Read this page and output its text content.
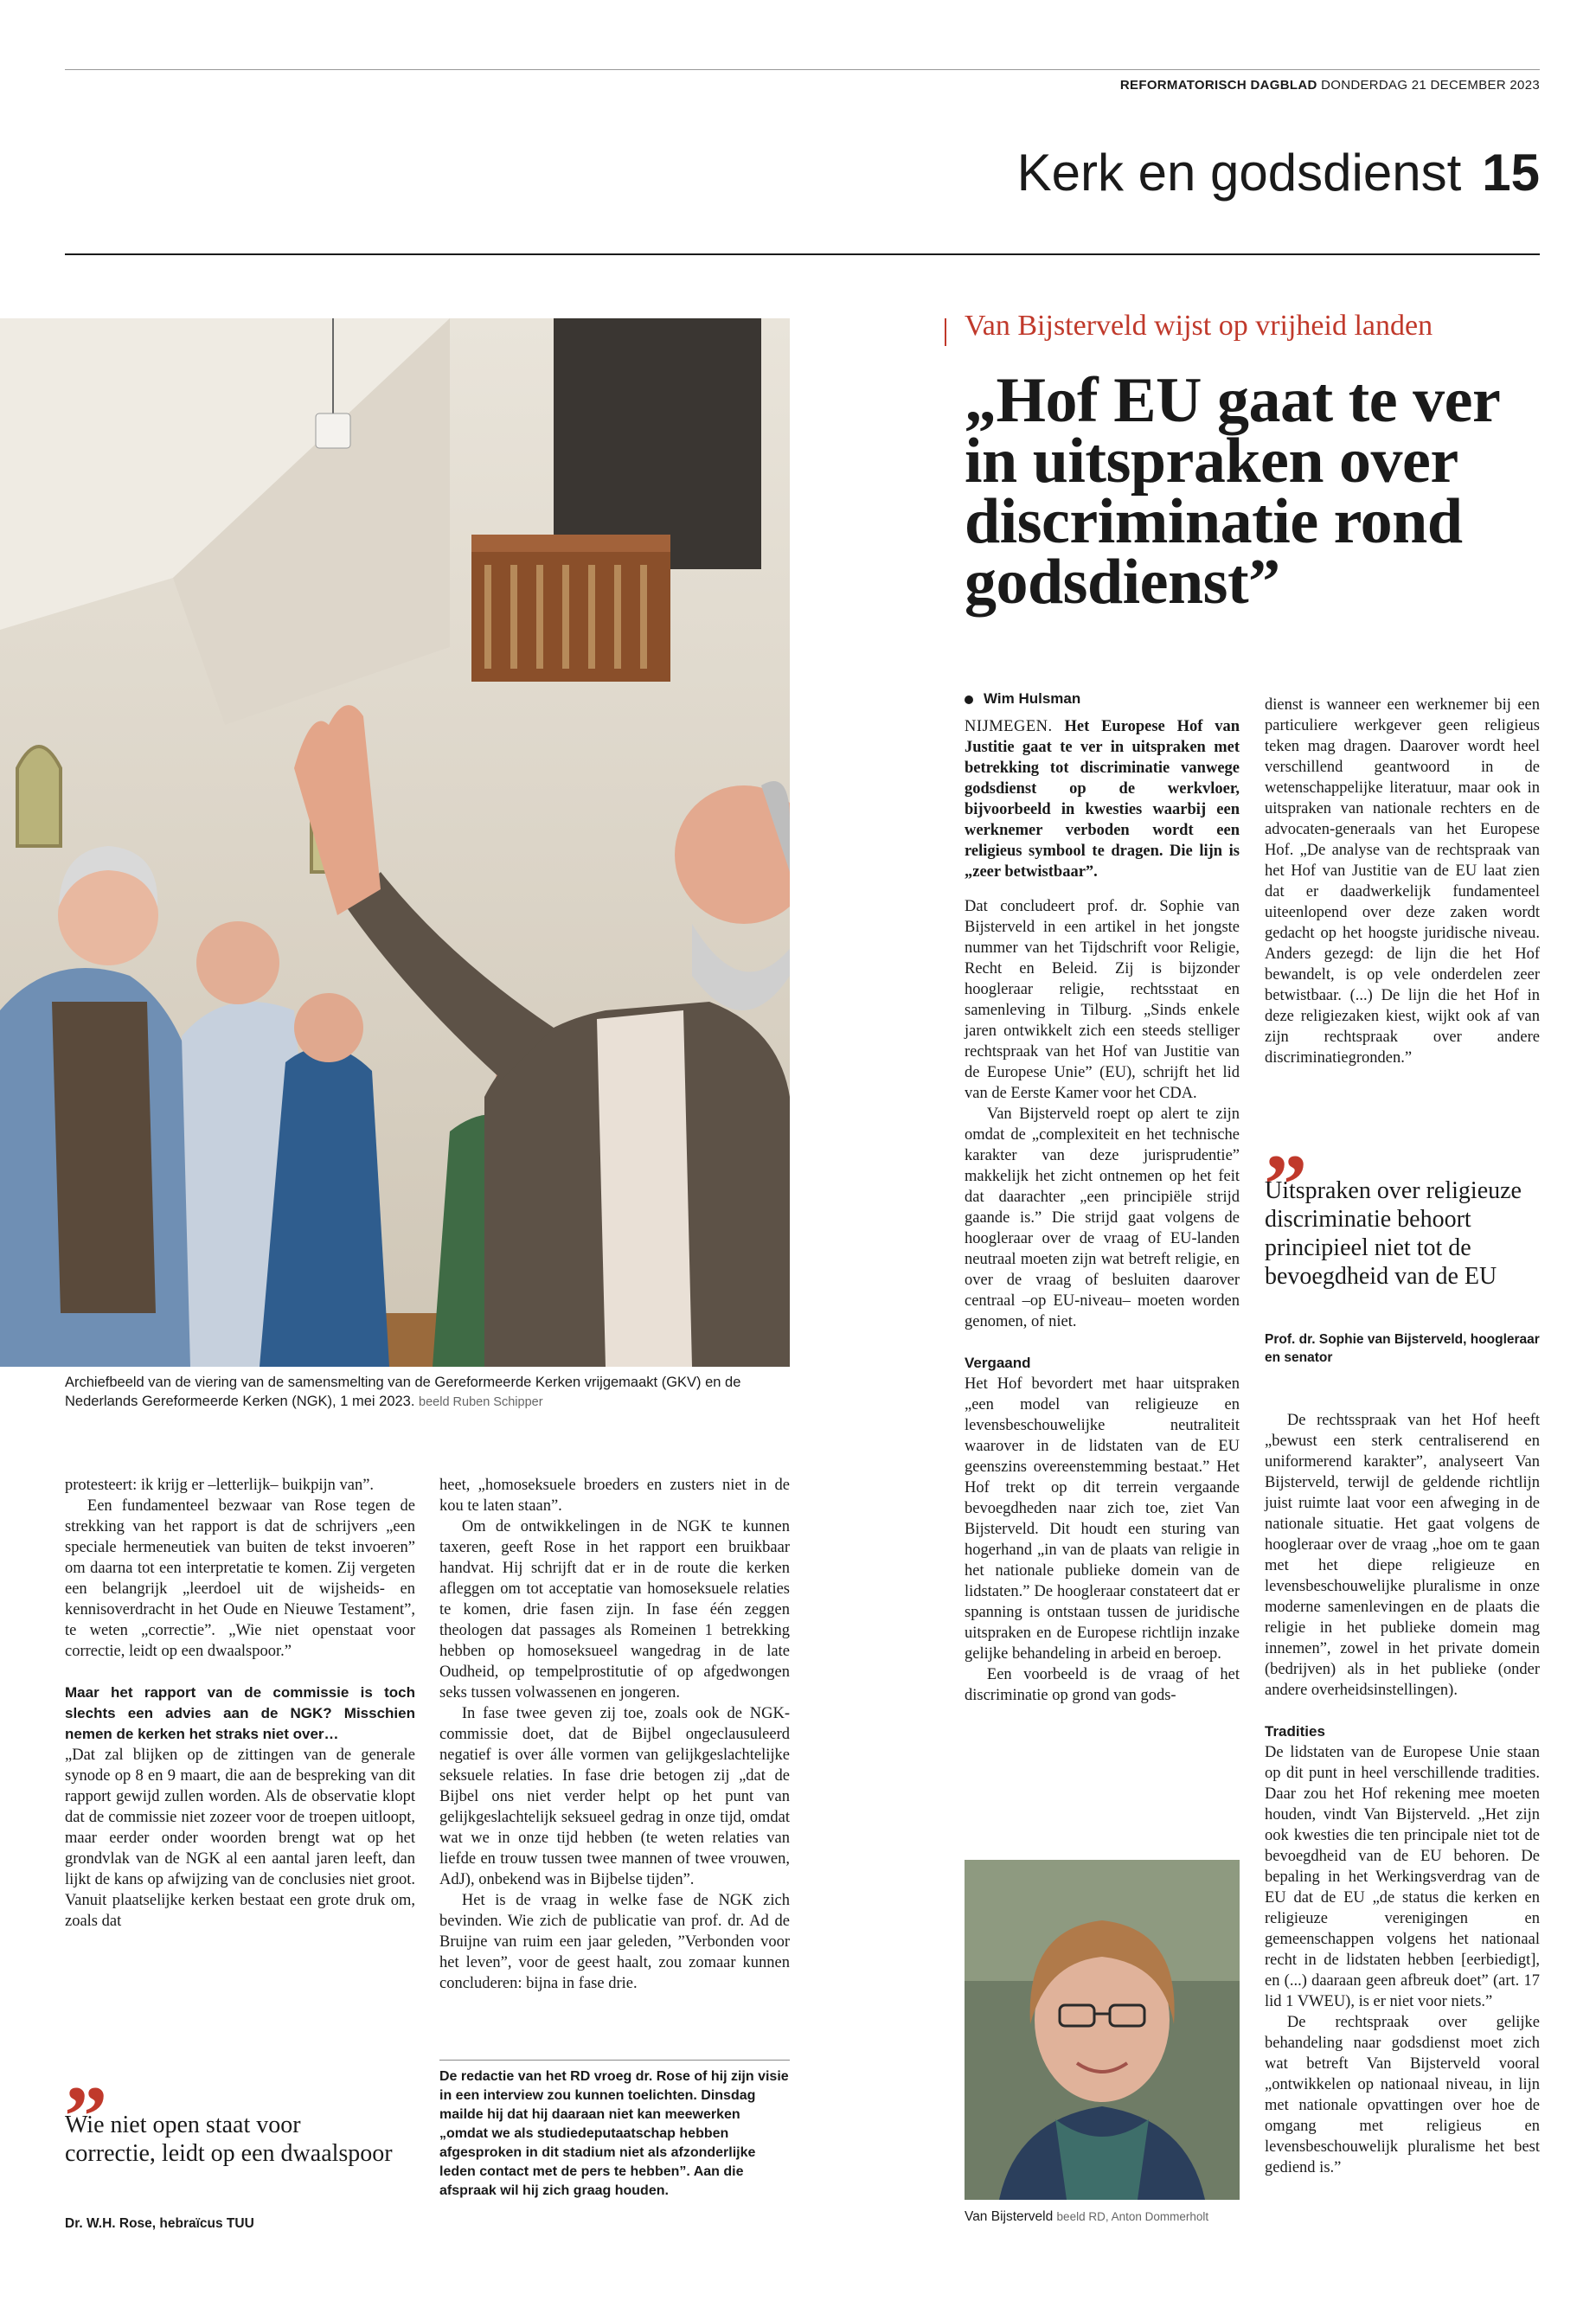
REFORMATORISCH DAGBLAD DONDERDAG 21 DECEMBER 2023
Kerk en godsdienst 15
Archiefbeeld van de viering van de samensmelting van de Gereformeerde Kerken vrijgemaakt (GKV) en de Nederlands Gereformeerde Kerken (NGK), 1 mei 2023. beeld Ruben Schipper

protesteert: ik krijg er –letterlijk– buikpijn van”.

Een fundamenteel bezwaar van Rose tegen de strekking van het rapport is dat de schrijvers „een speciale hermeneutiek van buiten de tekst invoeren” om daarna tot een interpretatie te komen. Zij vergeten een belangrijk „leerdoel uit de wijsheids- en kennisoverdracht in het Oude en Nieuwe Testament”, te weten „correctie”. „Wie niet openstaat voor correctie, leidt op een dwaalspoor.”

Maar het rapport van de commissie is toch slechts een advies aan de NGK? Misschien nemen de kerken het straks niet over…

„Dat zal blijken op de zittingen van de generale synode op 8 en 9 maart, die aan de bespreking van dit rapport gewijd zullen worden. Als de observatie klopt dat de commissie niet zozeer voor de troepen uitloopt, maar eerder onder woorden brengt wat op het grondvlak van de NGK al een aantal jaren leeft, dan lijkt de kans op afwijzing van de conclusies niet groot. Vanuit plaatselijke kerken bestaat een grote druk om, zoals dat

heet, „homoseksuele broeders en zusters niet in de kou te laten staan”.

Om de ontwikkelingen in de NGK te kunnen taxeren, geeft Rose in het rapport een bruikbaar handvat. Hij schrijft dat er in de route die kerken afleggen om tot acceptatie van homoseksuele relaties te komen, drie fasen zijn. In fase één zeggen theologen dat passages als Romeinen 1 betrekking hebben op homoseksueel wangedrag in de late Oudheid, op tempelprostitutie of op afgedwongen seks tussen volwassenen en jongeren.

In fase twee geven zij toe, zoals ook de NGK-commissie doet, dat de Bijbel ongeclausuleerd negatief is over álle vormen van gelijkgeslachtelijke seksuele relaties. In fase drie betogen zij „dat de Bijbel ons niet verder helpt op het punt van gelijkgeslachtelijk seksueel gedrag in onze tijd, omdat wat we in onze tijd hebben (te weten relaties van liefde en trouw tussen twee mannen of twee vrouwen, AdJ), onbekend was in Bijbelse tijden”.

Het is de vraag in welke fase de NGK zich bevinden. Wie zich de publicatie van prof. dr. Ad de Bruijne van ruim een jaar geleden, ”Verbonden voor het leven”, voor de geest haalt, zou zomaar kunnen concluderen: bijna in fase drie.

„
Wie niet open staat voor correctie, leidt op een dwaalspoor
Dr. W.H. Rose, hebraïcus TUU
De redactie van het RD vroeg dr. Rose of hij zijn visie in een interview zou kunnen toelichten. Dinsdag mailde hij dat hij daaraan niet kan meewerken „omdat we als studiedeputaatschap hebben afgesproken in dit stadium niet als afzonderlijke leden contact met de pers te hebben”. Aan die afspraak wil hij zich graag houden.
Van Bijsterveld wijst op vrijheid landen
„Hof EU gaat te ver in uitspraken over discriminatie rond godsdienst”
Wim Hulsman

NIJMEGEN. Het Europese Hof van Justitie gaat te ver in uitspraken met betrekking tot discriminatie vanwege godsdienst op de werkvloer, bijvoorbeeld in kwesties waarbij een werknemer verboden wordt een religieus symbool te dragen. Die lijn is „zeer betwistbaar”.

Dat concludeert prof. dr. Sophie van Bijsterveld in een artikel in het jongste nummer van het Tijdschrift voor Religie, Recht en Beleid. Zij is bijzonder hoogleraar religie, rechtsstaat en samenleving in Tilburg. „Sinds enkele jaren ontwikkelt zich een steeds stelliger rechtspraak van het Hof van Justitie van de Europese Unie” (EU), schrijft het lid van de Eerste Kamer voor het CDA.

Van Bijsterveld roept op alert te zijn omdat de „complexiteit en het technische karakter van deze jurisprudentie” makkelijk het zicht ontnemen op het feit dat daarachter „een principiële strijd gaande is.” Die strijd gaat volgens de hoogleraar over de vraag of EU-landen neutraal moeten zijn wat betreft religie, en over de vraag of besluiten daarover centraal –op EU-niveau– moeten worden genomen, of niet.

Vergaand

Het Hof bevordert met haar uitspraken „een model van religieuze en levensbeschouwelijke neutraliteit waarover in de lidstaten van de EU geenszins overeenstemming bestaat.” Het Hof trekt op dit terrein vergaande bevoegdheden naar zich toe, ziet Van Bijsterveld. Dit houdt een sturing van hogerhand „in van de plaats van religie in het nationale publieke domein van de lidstaten.” De hoogleraar constateert dat er spanning is ontstaan tussen de juridische uitspraken en de Europese richtlijn inzake gelijke behandeling in arbeid en beroep.

Een voorbeeld is de vraag of het discriminatie op grond van gods-

dienst is wanneer een werknemer bij een particuliere werkgever geen religieus teken mag dragen. Daarover wordt heel verschillend geantwoord in de wetenschappelijke literatuur, maar ook in uitspraken van nationale rechters en de advocaten-generaals van het Europese Hof. „De analyse van de rechtspraak van het Hof van Justitie van de EU laat zien dat er daadwerkelijk fundamenteel uiteenlopend over deze zaken wordt gedacht op het hoogste juridische niveau. Anders gezegd: de lijn die het Hof bewandelt, is op vele onderdelen zeer betwistbaar. (...) De lijn die het Hof in deze religiezaken kiest, wijkt ook af van zijn rechtspraak over andere discriminatiegronden.”

„
Uitspraken over religieuze discriminatie behoort principieel niet tot de bevoegdheid van de EU
Prof. dr. Sophie van Bijsterveld, hoogleraar en senator

De rechtsspraak van het Hof heeft „bewust een sterk centraliserend en uniformerend karakter”, analyseert Van Bijsterveld, terwijl de geldende richtlijn juist ruimte laat voor een afweging in de nationale situatie. Het gaat volgens de hoogleraar over de vraag „hoe om te gaan met het diepe religieuze en levensbeschouwelijke pluralisme in onze moderne samenlevingen en de plaats die religie in het publieke domein mag innemen”, zowel in het private domein (bedrijven) als in het publieke (onder andere overheidsinstellingen).

Tradities

De lidstaten van de Europese Unie staan op dit punt in heel verschillende tradities. Daar zou het Hof rekening mee moeten houden, vindt Van Bijsterveld. „Het zijn ook kwesties die ten principale niet tot de bevoegdheid van de EU behoren. De bepaling in het Werkingsverdrag van de EU dat de EU „de status die kerken en religieuze verenigingen en gemeenschappen volgens het nationaal recht in de lidstaten hebben [eerbiedigt], en (...) daaraan geen afbreuk doet” (art. 17 lid 1 VWEU), is er niet voor niets.”

De rechtspraak over gelijke behandeling naar godsdienst moet zich wat betreft Van Bijsterveld vooral „ontwikkelen op nationaal niveau, in lijn met nationale opvattingen over hoe de omgang met religieus en levensbeschouwelijk pluralisme het best gediend is.”

Van Bijsterveld beeld RD, Anton Dommerholt
